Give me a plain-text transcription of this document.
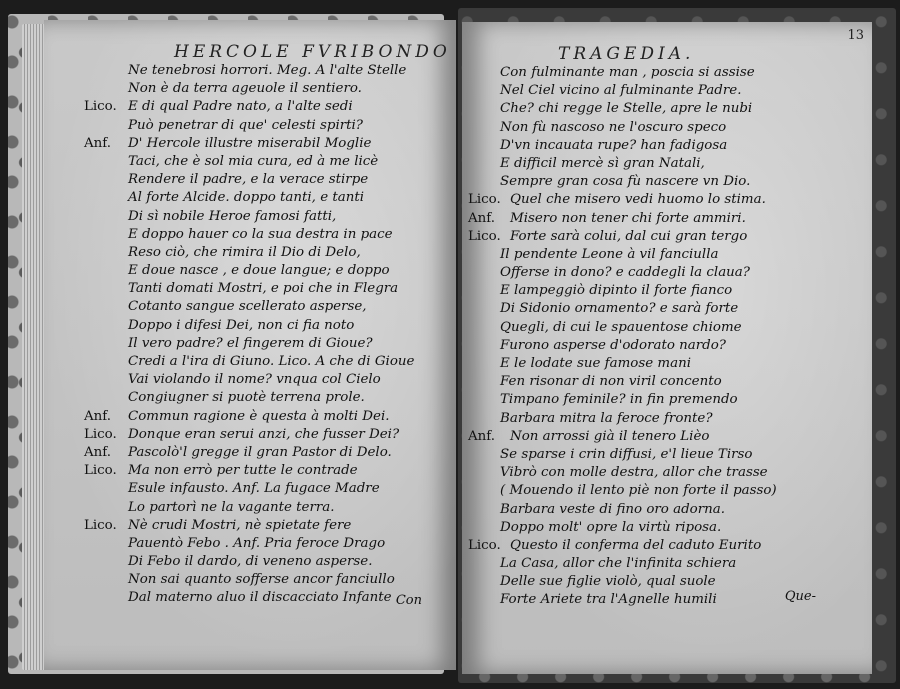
HERCOLE FVRIBONDO
Ne tenebrosi horrori. Meg. A l'alte Stelle
Non è da terra ageuole il sentiero.
Lico. E di qual Padre nato, a l'alte sedi
Può penetrar di que' celesti spirti?
Anf. D' Hercole illustre miserabil Moglie
Taci, che è sol mia cura, ed à me licè
Rendere il padre, e la verace stirpe
Al forte Alcide. doppo tanti, e tanti
Di sì nobile Heroe famosi fatti,
E doppo hauer co la sua destra in pace
Reso ciò, che rimira il Dio di Delo,
E doue nasce , e doue langue; e doppo
Tanti domati Mostri, e poi che in Flegra
Cotanto sangue scellerato asperse,
Doppo i difesi Dei, non ci fia noto
Il vero padre? el fingerem di Gioue?
Credi a l'ira di Giuno. Lico. A che di Gioue
Vai violando il nome? vnqua col Cielo
Congiugner si puotè terrena prole.
Anf. Commun ragione è questa à molti Dei.
Lico. Donque eran serui anzi, che fusser Dei?
Anf. Pascolò'l gregge il gran Pastor di Delo.
Lico. Ma non errò per tutte le contrade
Esule infausto. Anf. La fugace Madre
Lo partorì ne la vagante terra.
Lico. Nè crudi Mostri, nè spietate fere
Pauentò Febo . Anf. Pria feroce Drago
Di Febo il dardo, di veneno asperse.
Non sai quanto sofferse ancor fanciullo
Dal materno aluo il discacciato Infante Con
TRAGEDIA.
13
Con fulminante man , poscia si assise
Nel Ciel vicino al fulminante Padre.
Che? chi regge le Stelle, apre le nubi
Non fù nascoso ne l'oscuro speco
D'vn incauata rupe? han fadigosa
E difficil mercè sì gran Natali,
Sempre gran cosa fù nascere vn Dio.
Lico. Quel che misero vedi huomo lo stima.
Anf. Misero non tener chi forte ammiri.
Lico. Forte sarà colui, dal cui gran tergo
Il pendente Leone à vil fanciulla
Offerse in dono? e caddegli la claua?
E lampeggiò dipinto il forte fianco
Di Sidonio ornamento? e sarà forte
Quegli, di cui le spauentose chiome
Furono asperse d'odorato nardo?
E le lodate sue famose mani
Fen risonar di non viril concento
Timpano feminile? in fin premendo
Barbara mitra la feroce fronte?
Anf. Non arrossi già il tenero Lièo
Se sparse i crin diffusi, e'l lieue Tirso
Vibrò con molle destra, allor che trasse
( Mouendo il lento piè non forte il passo)
Barbara veste di fino oro adorna.
Doppo molt' opre la virtù riposa.
Lico. Questo il conferma del caduto Eurito
La Casa, allor che l'infinita schiera
Delle sue figlie violò, qual suole
Forte Ariete tra l'Agnelle humili	Que-
